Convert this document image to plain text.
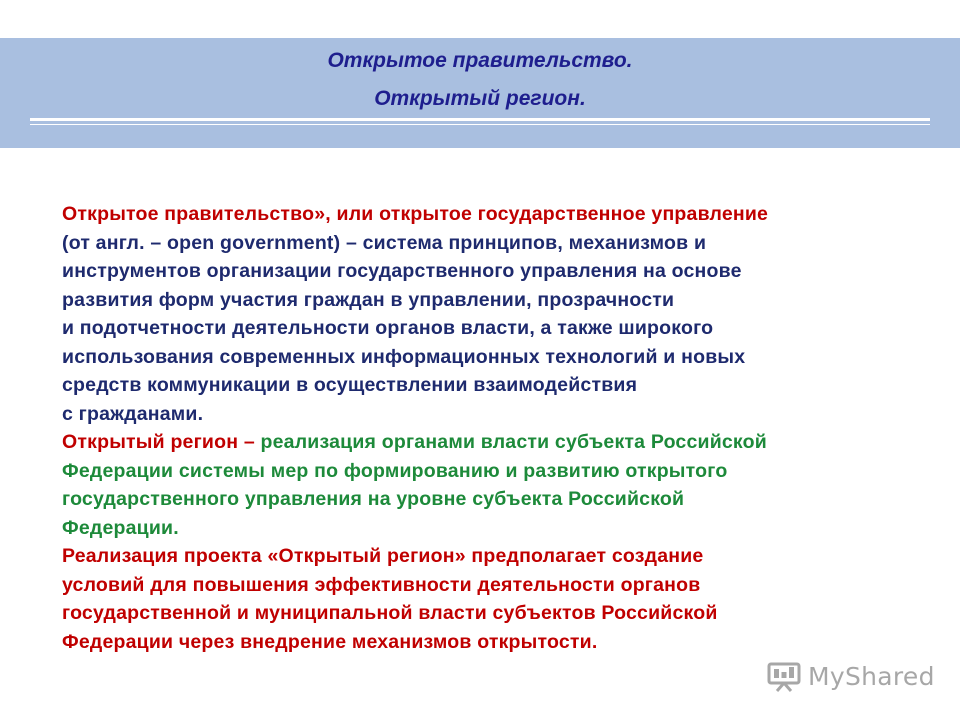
Открытое правительство.
Открытый регион.
Открытое правительство», или открытое государственное управление
(от англ. – open government) – система принципов, механизмов и
инструментов организации государственного управления на основе
развития форм участия граждан в управлении, прозрачности
и подотчетности деятельности органов власти, а также широкого
использования современных информационных технологий и новых
средств коммуникации в осуществлении взаимодействия
с гражданами.
Открытый регион – реализация органами власти субъекта Российской
Федерации системы мер по формированию и развитию открытого
государственного управления на уровне субъекта Российской
Федерации.
Реализация проекта «Открытый регион» предполагает создание
условий для повышения эффективности деятельности органов
государственной и муниципальной власти субъектов Российской
Федерации через внедрение механизмов открытости.
MyShared
